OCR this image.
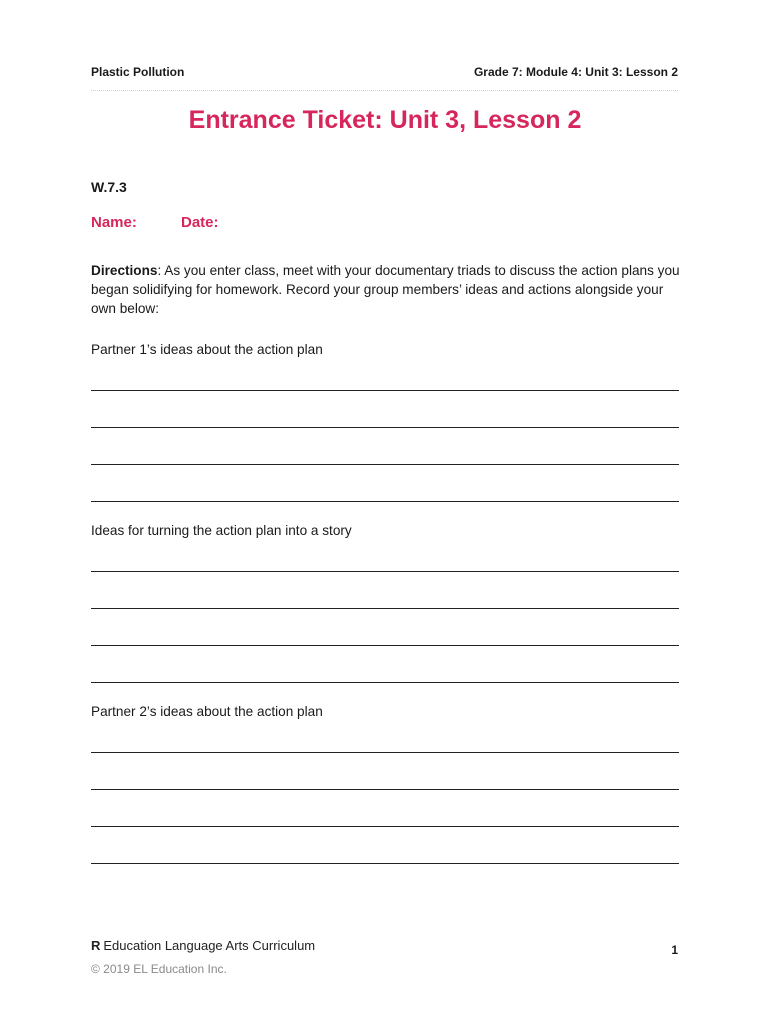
Plastic Pollution	Grade 7: Module 4: Unit 3: Lesson 2
Entrance Ticket: Unit 3, Lesson 2
W.7.3
Name:	Date:
Directions: As you enter class, meet with your documentary triads to discuss the action plans you began solidifying for homework. Record your group members’ ideas and actions alongside your own below:
Partner 1’s ideas about the action plan
Ideas for turning the action plan into a story
Partner 2’s ideas about the action plan
R Education Language Arts Curriculum
© 2019 EL Education Inc.
1
